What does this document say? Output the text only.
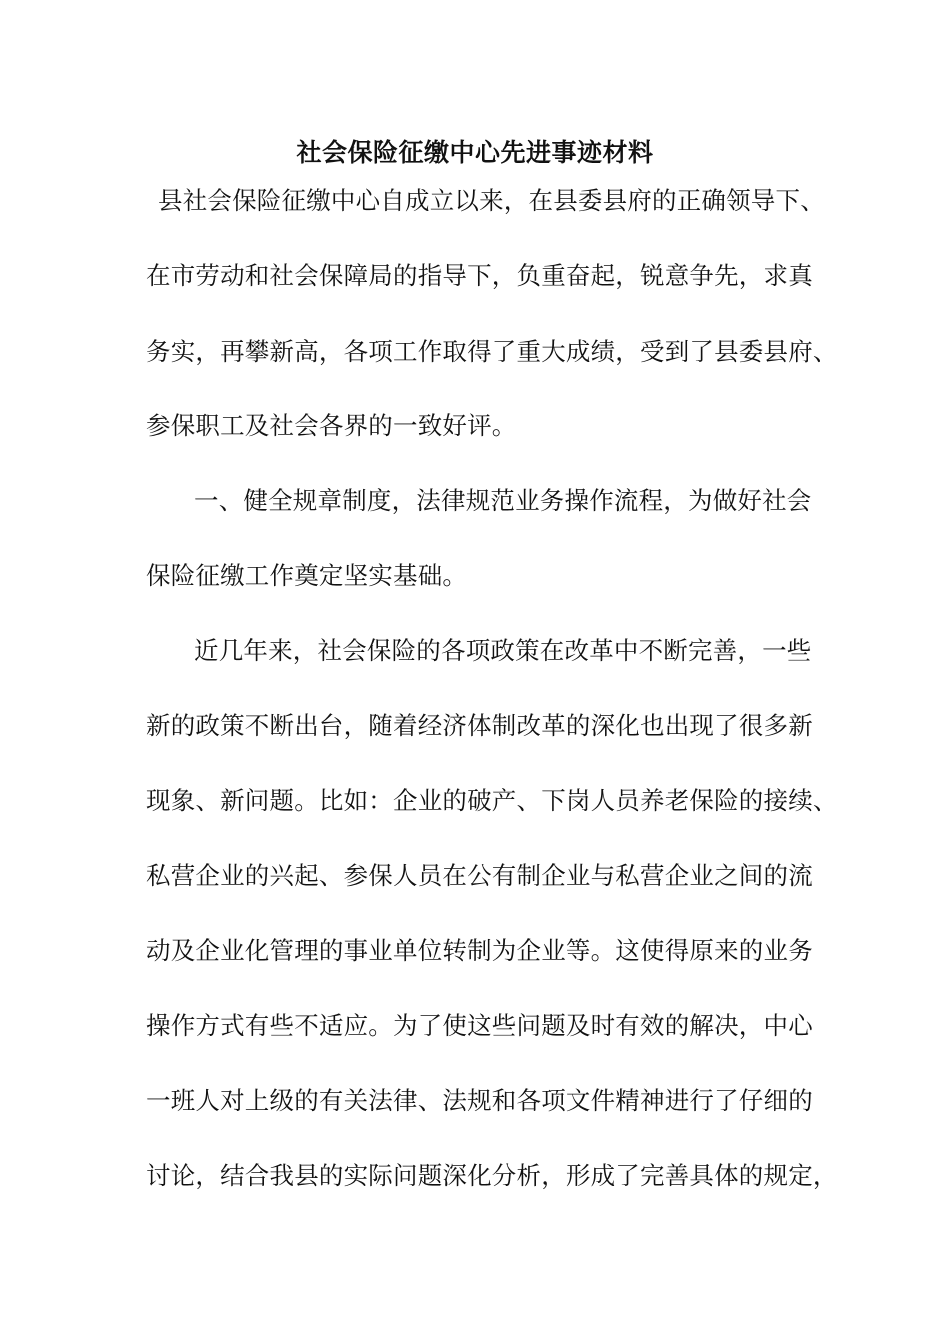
社会保险征缴中心先进事迹材料
县社会保险征缴中心自成立以来，在县委县府的正确领导下、
在市劳动和社会保障局的指导下，负重奋起，锐意争先，求真
务实，再攀新高，各项工作取得了重大成绩，受到了县委县府、
参保职工及社会各界的一致好评。
一、健全规章制度，法律规范业务操作流程，为做好社会
保险征缴工作奠定坚实基础。
近几年来，社会保险的各项政策在改革中不断完善，一些
新的政策不断出台，随着经济体制改革的深化也出现了很多新
现象、新问题。比如：企业的破产、下岗人员养老保险的接续、
私营企业的兴起、参保人员在公有制企业与私营企业之间的流
动及企业化管理的事业单位转制为企业等。这使得原来的业务
操作方式有些不适应。为了使这些问题及时有效的解决，中心
一班人对上级的有关法律、法规和各项文件精神进行了仔细的
讨论，结合我县的实际问题深化分析，形成了完善具体的规定，
